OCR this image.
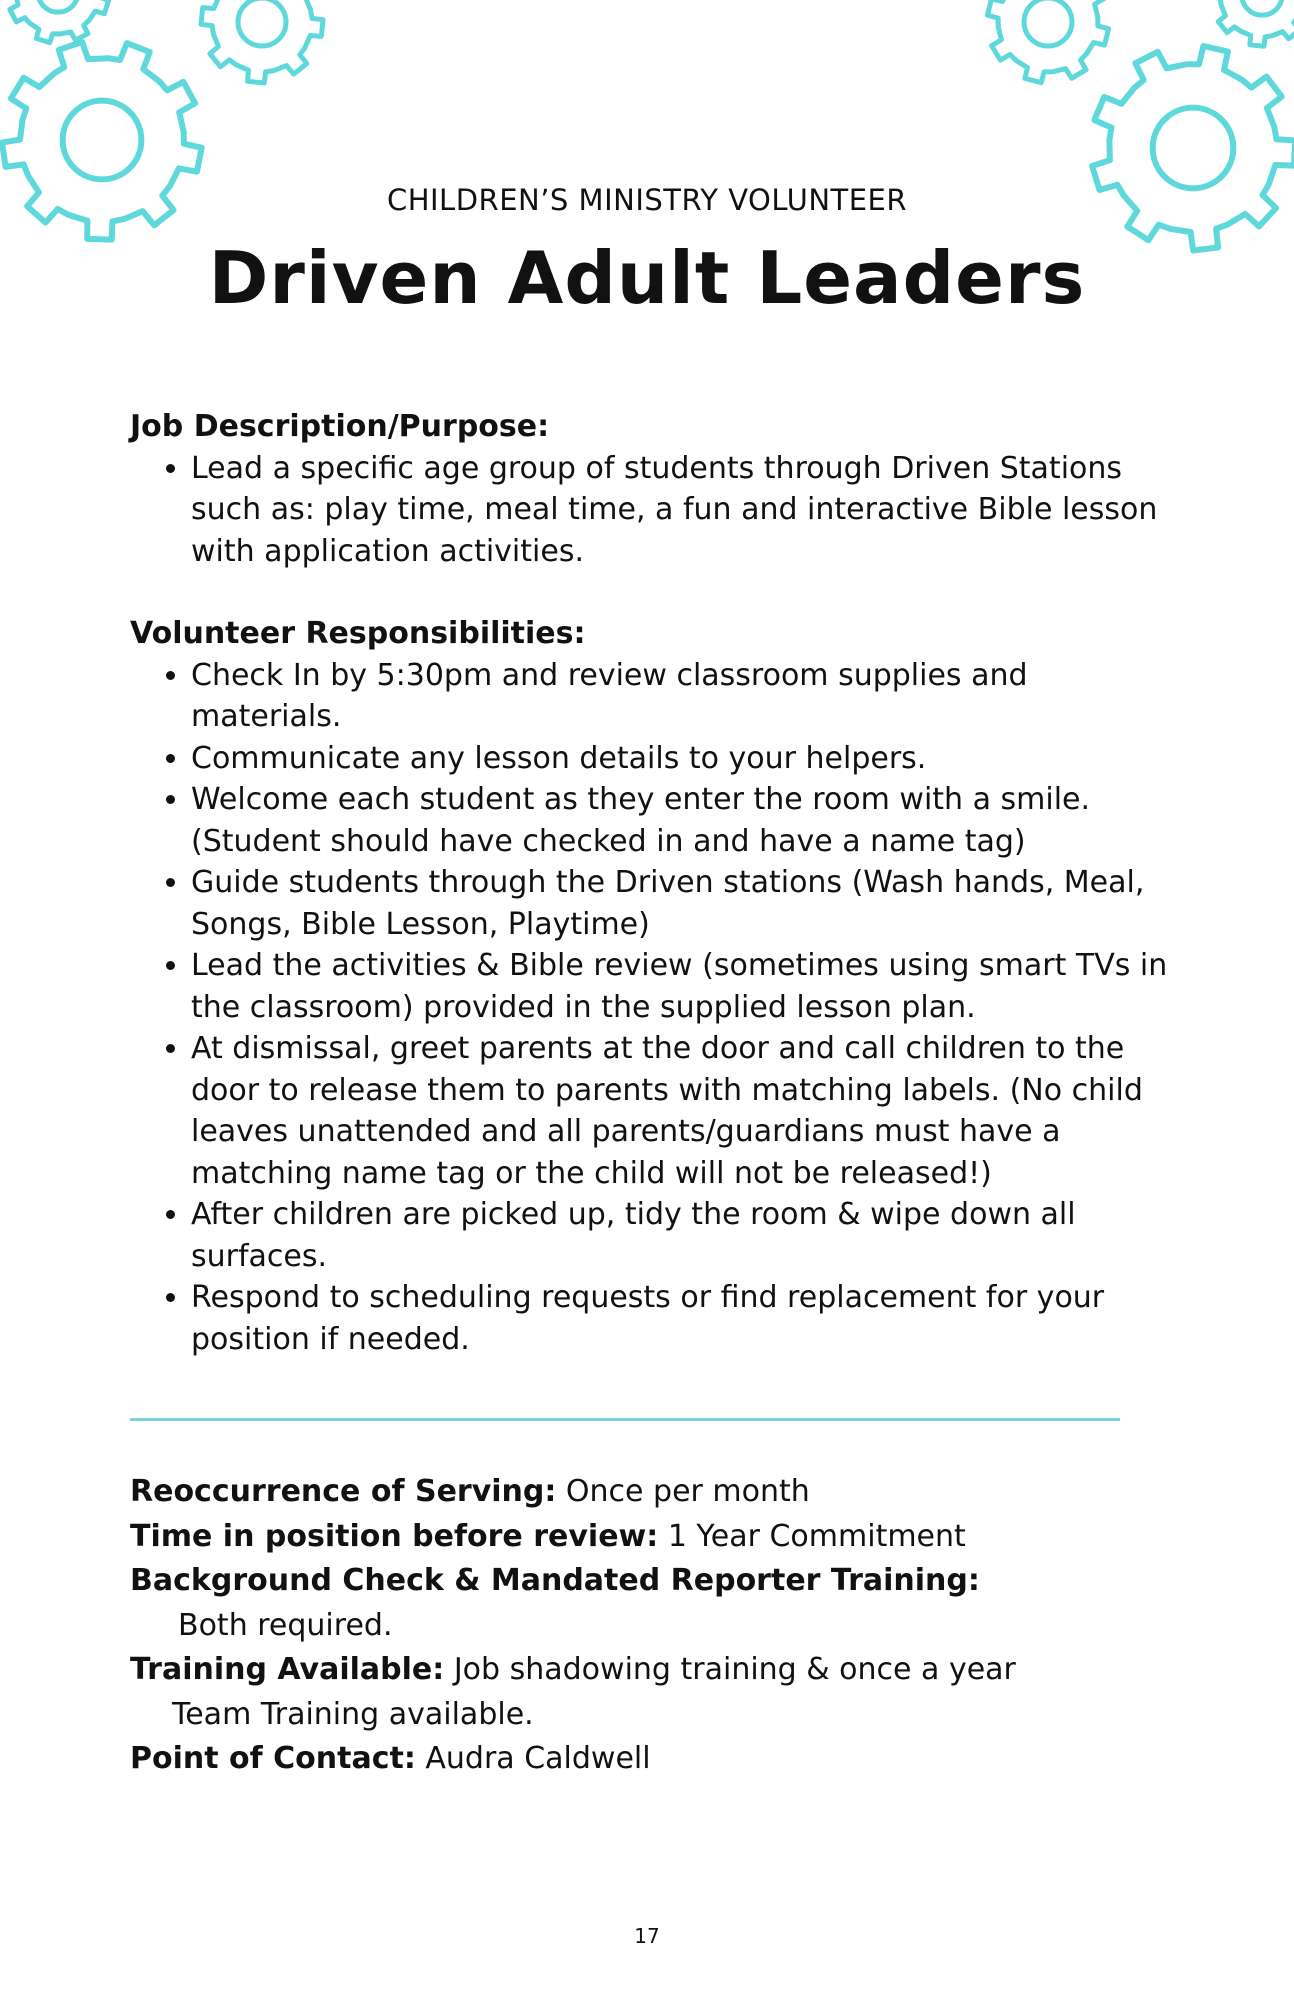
CHILDREN’S MINISTRY VOLUNTEER
Driven Adult Leaders
Job Description/Purpose:
• Lead a specific age group of students through Driven Stations such as: play time, meal time, a fun and interactive Bible lesson with application activities.
Volunteer Responsibilities:
• Check In by 5:30pm and review classroom supplies and materials.
• Communicate any lesson details to your helpers.
• Welcome each student as they enter the room with a smile. (Student should have checked in and have a name tag)
• Guide students through the Driven stations (Wash hands, Meal, Songs, Bible Lesson, Playtime)
• Lead the activities & Bible review (sometimes using smart TVs in the classroom) provided in the supplied lesson plan.
• At dismissal, greet parents at the door and call children to the door to release them to parents with matching labels. (No child leaves unattended and all parents/guardians must have a matching name tag or the child will not be released!)
• After children are picked up, tidy the room & wipe down all surfaces.
• Respond to scheduling requests or find replacement for your position if needed.
Reoccurrence of Serving: Once per month
Time in position before review: 1 Year Commitment
Background Check & Mandated Reporter Training:
Both required.
Training Available: Job shadowing training & once a year
Team Training available.
Point of Contact: Audra Caldwell
17
